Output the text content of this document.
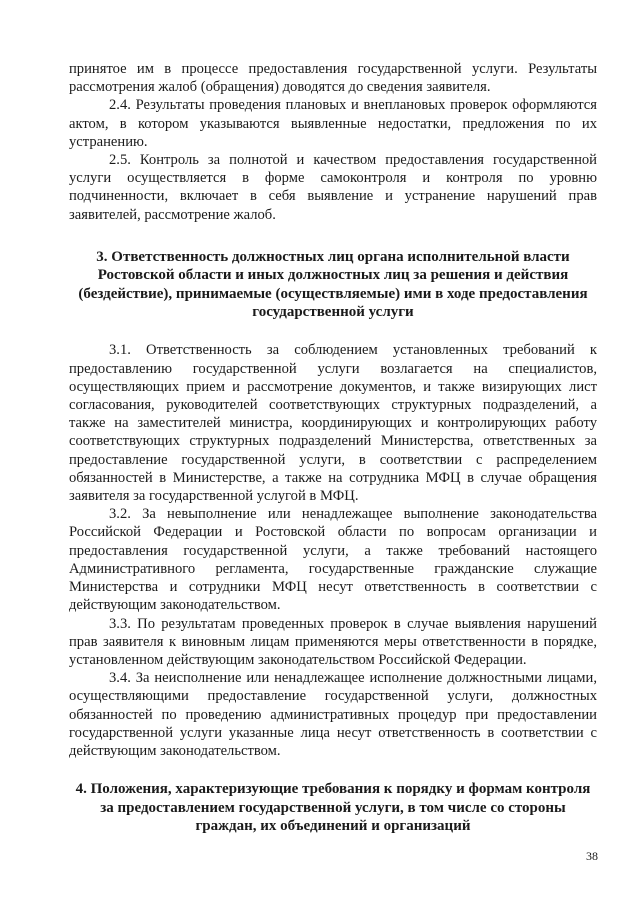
принятое им в процессе предоставления государственной услуги. Результаты рассмотрения жалоб (обращения) доводятся до сведения заявителя.

2.4. Результаты проведения плановых и внеплановых проверок оформляются актом, в котором указываются выявленные недостатки, предложения по их устранению.

2.5. Контроль за полнотой и качеством предоставления государственной услуги осуществляется в форме самоконтроля и контроля по уровню подчиненности, включает в себя выявление и устранение нарушений прав заявителей, рассмотрение жалоб.

3. Ответственность должностных лиц органа исполнительной власти Ростовской области и иных должностных лиц за решения и действия (бездействие), принимаемые (осуществляемые) ими в ходе предоставления государственной услуги

3.1. Ответственность за соблюдением установленных требований к предоставлению государственной услуги возлагается на специалистов, осуществляющих прием и рассмотрение документов, и также визирующих лист согласования, руководителей соответствующих структурных подразделений, а также на заместителей министра, координирующих и контролирующих работу соответствующих структурных подразделений Министерства, ответственных за предоставление государственной услуги, в соответствии с распределением обязанностей в Министерстве, а также на сотрудника МФЦ в случае обращения заявителя за государственной услугой в МФЦ.

3.2. За невыполнение или ненадлежащее выполнение законодательства Российской Федерации и Ростовской области по вопросам организации и предоставления государственной услуги, а также требований настоящего Административного регламента, государственные гражданские служащие Министерства и сотрудники МФЦ несут ответственность в соответствии с действующим законодательством.

3.3. По результатам проведенных проверок в случае выявления нарушений прав заявителя к виновным лицам применяются меры ответственности в порядке, установленном действующим законодательством Российской Федерации.

3.4. За неисполнение или ненадлежащее исполнение должностными лицами, осуществляющими предоставление государственной услуги, должностных обязанностей по проведению административных процедур при предоставлении государственной услуги указанные лица несут ответственность в соответствии с действующим законодательством.

4. Положения, характеризующие требования к порядку и формам контроля за предоставлением государственной услуги, в том числе со стороны граждан, их объединений и организаций
38
